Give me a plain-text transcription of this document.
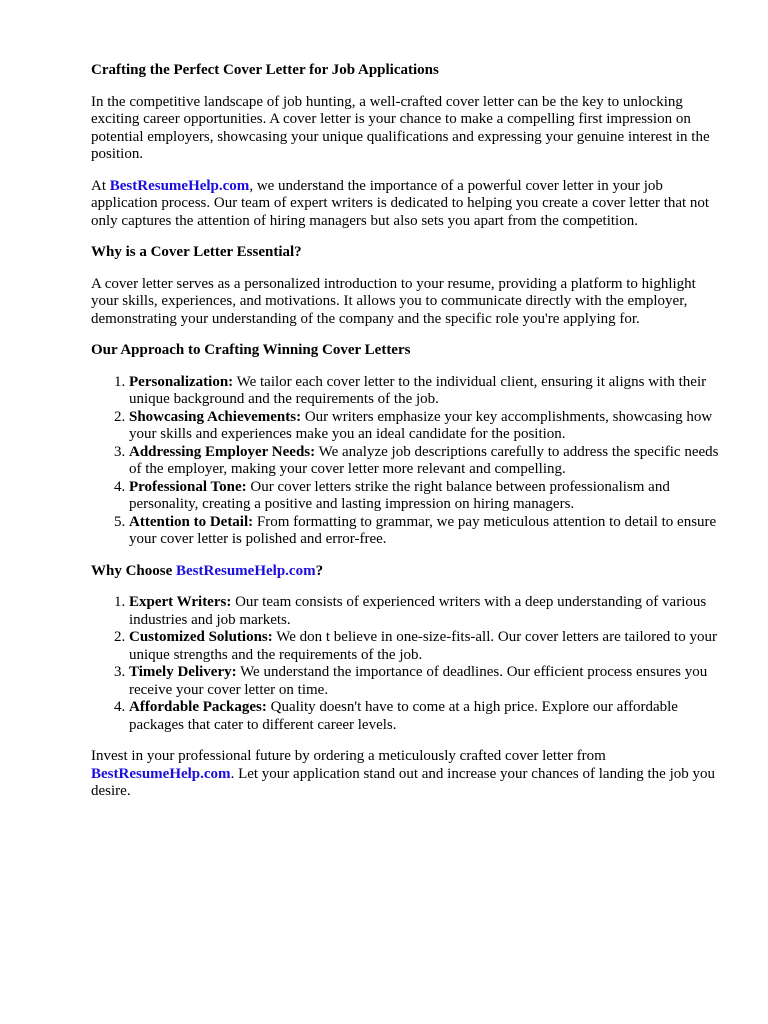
Crafting the Perfect Cover Letter for Job Applications

In the competitive landscape of job hunting, a well-crafted cover letter can be the key to unlocking exciting career opportunities. A cover letter is your chance to make a compelling first impression on potential employers, showcasing your unique qualifications and expressing your genuine interest in the position.

At BestResumeHelp.com, we understand the importance of a powerful cover letter in your job application process. Our team of expert writers is dedicated to helping you create a cover letter that not only captures the attention of hiring managers but also sets you apart from the competition.

Why is a Cover Letter Essential?

A cover letter serves as a personalized introduction to your resume, providing a platform to highlight your skills, experiences, and motivations. It allows you to communicate directly with the employer, demonstrating your understanding of the company and the specific role you're applying for.

Our Approach to Crafting Winning Cover Letters
1. Personalization: We tailor each cover letter to the individual client, ensuring it aligns with their unique background and the requirements of the job.
2. Showcasing Achievements: Our writers emphasize your key accomplishments, showcasing how your skills and experiences make you an ideal candidate for the position.
3. Addressing Employer Needs: We analyze job descriptions carefully to address the specific needs of the employer, making your cover letter more relevant and compelling.
4. Professional Tone: Our cover letters strike the right balance between professionalism and personality, creating a positive and lasting impression on hiring managers.
5. Attention to Detail: From formatting to grammar, we pay meticulous attention to detail to ensure your cover letter is polished and error-free.
Why Choose BestResumeHelp.com?
1. Expert Writers: Our team consists of experienced writers with a deep understanding of various industries and job markets.
2. Customized Solutions: We don t believe in one-size-fits-all. Our cover letters are tailored to your unique strengths and the requirements of the job.
3. Timely Delivery: We understand the importance of deadlines. Our efficient process ensures you receive your cover letter on time.
4. Affordable Packages: Quality doesn't have to come at a high price. Explore our affordable packages that cater to different career levels.

Invest in your professional future by ordering a meticulously crafted cover letter from BestResumeHelp.com. Let your application stand out and increase your chances of landing the job you desire.
